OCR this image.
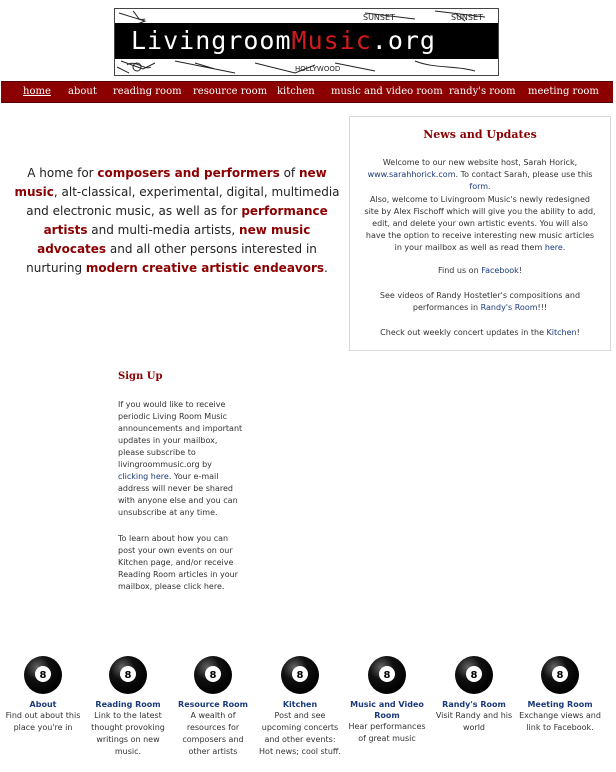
SUNSET	SUNSET
HOLLYWOOD
LivingroomMusic.org
home about reading room resource room kitchen music and video room randy's room meeting room
A home for composers and performers of new music, alt-classical, experimental, digital, multimedia and electronic music, as well as for performance artists and multi-media artists, new music advocates and all other persons interested in nurturing modern creative artistic endeavors.
News and Updates

Welcome to our new website host, Sarah Horick, www.sarahhorick.com. To contact Sarah, please use this form.

Also, welcome to Livingroom Music's newly redesigned site by Alex Fischoff which will give you the ability to add, edit, and delete your own artistic events. You will also have the option to receive interesting new music articles in your mailbox as well as read them here.

Find us on Facebook!

See videos of Randy Hostetler's compositions and performances in Randy's Room!!!

Check out weekly concert updates in the Kitchen!

Sign Up

If you would like to receive periodic Living Room Music announcements and important updates in your mailbox, please subscribe to livingroommusic.org by clicking here. Your e-mail address will never be shared with anyone else and you can unsubscribe at any time.

To learn about how you can post your own events on our Kitchen page, and/or receive Reading Room articles in your mailbox, please click here.

8
About
Find out about this place you're in
8
Reading Room
Link to the latest thought provoking writings on new music.
8
Resource Room
A wealth of resources for composers and other artists
8
Kitchen
Post and see upcoming concerts and other events: Hot news; cool stuff.
8
Music and Video Room
Hear performances of great music
8
Randy's Room
Visit Randy and his world
8
Meeting Room
Exchange views and link to Facebook.
